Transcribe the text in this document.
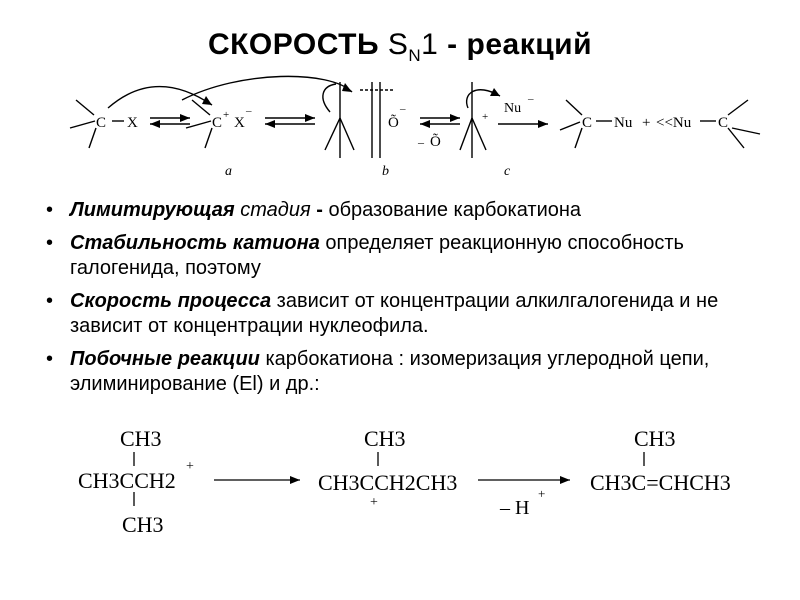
СКОРОСТЬ $S_N1$ - реакций
C X	C + X
–
Õ
–
– Õ
+
Nu
–
C Nu + <<Nu C
a	b	c
• Лимитирующая стадия - образование карбокатиона
• Стабильность катиона определяет реакционную способность галогенида, поэтому
• Скорость процесса зависит от концентрации алкилгалогенида и не зависит от концентрации нуклеофила.
• Побочные реакции карбокатиона : изомеризация углеродной цепи, элиминирование (El) и др.:
CH3
CH3CCH2
+
CH3
CH3
CH3CCH2CH3
+	– H
+
CH3
CH3C=CHCH3
